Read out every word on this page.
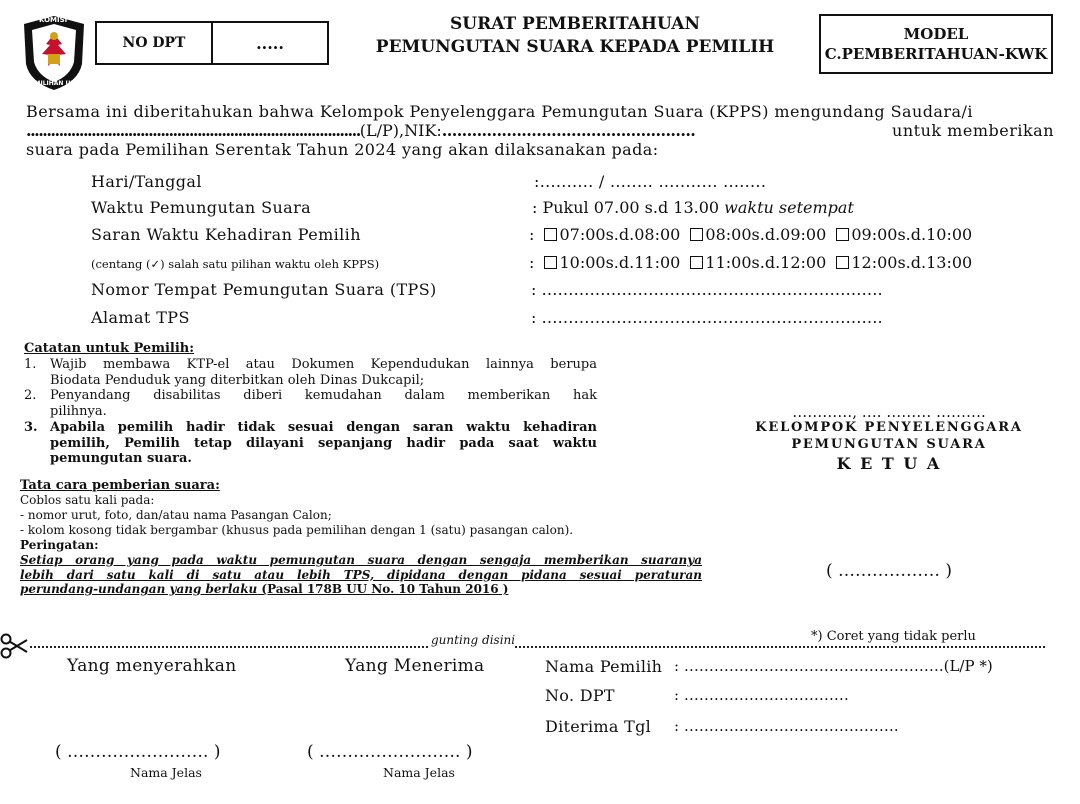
KOMISI
PEMILIHAN UMUM
NO DPT	.....
SURAT PEMBERITAHUAN
PEMUNGUTAN SUARA KEPADA PEMILIH
MODEL
C.PEMBERITAHUAN-KWK
Bersama ini diberitahukan bahwa Kelompok Penyelenggara Pemungutan Suara (KPPS) mengundang Saudara/i
.................................................................................. (L/P),NIK: ...................................................	untuk memberikan
suara pada Pemilihan Serentak Tahun 2024 yang akan dilaksanakan pada:
Hari/Tanggal	:.......... / ........ ........... ........
Waktu Pemungutan Suara	: Pukul 07.00 s.d 13.00 waktu setempat
Saran Waktu Kehadiran Pemilih	: 07:00s.d.08:00 08:00s.d.09:00 09:00s.d.10:00
(centang (✓) salah satu pilihan waktu oleh KPPS)	: 10:00s.d.11:00 11:00s.d.12:00 12:00s.d.13:00
Nomor Tempat Pemungutan Suara (TPS)	: ……………………………………………………….
Alamat TPS	: ……………………………………………………….
Catatan untuk Pemilih:
1. Wajib membawa KTP-el atau Dokumen Kependudukan lainnya berupa
Biodata Penduduk yang diterbitkan oleh Dinas Dukcapil;
2. Penyandang disabilitas diberi kemudahan dalam memberikan hak
pilihnya.
3. Apabila pemilih hadir tidak sesuai dengan saran waktu kehadiran
pemilih, Pemilih tetap dilayani sepanjang hadir pada saat waktu
pemungutan suara.
…………, …. ……… ……….
KELOMPOK PENYELENGGARA
PEMUNGUTAN SUARA
K E T U A
( ……………… )
Tata cara pemberian suara:
Coblos satu kali pada:
- nomor urut, foto, dan/atau nama Pasangan Calon;
- kolom kosong tidak bergambar (khusus pada pemilihan dengan 1 (satu) pasangan calon).
Peringatan:
Setiap orang yang pada waktu pemungutan suara dengan sengaja memberikan suaranya
lebih dari satu kali di satu atau lebih TPS, dipidana dengan pidana sesuai peraturan
perundang-undangan yang berlaku (Pasal 178B UU No. 10 Tahun 2016 )
gunting disini	*) Coret yang tidak perlu
Yang menyerahkan	Yang Menerima
( ……………………. )	( ……………………. )
Nama Jelas	Nama Jelas
Nama Pemilih : …………………………………………….(L/P *)
No. DPT	: ……………………………
Diterima Tgl : …………………………………….
